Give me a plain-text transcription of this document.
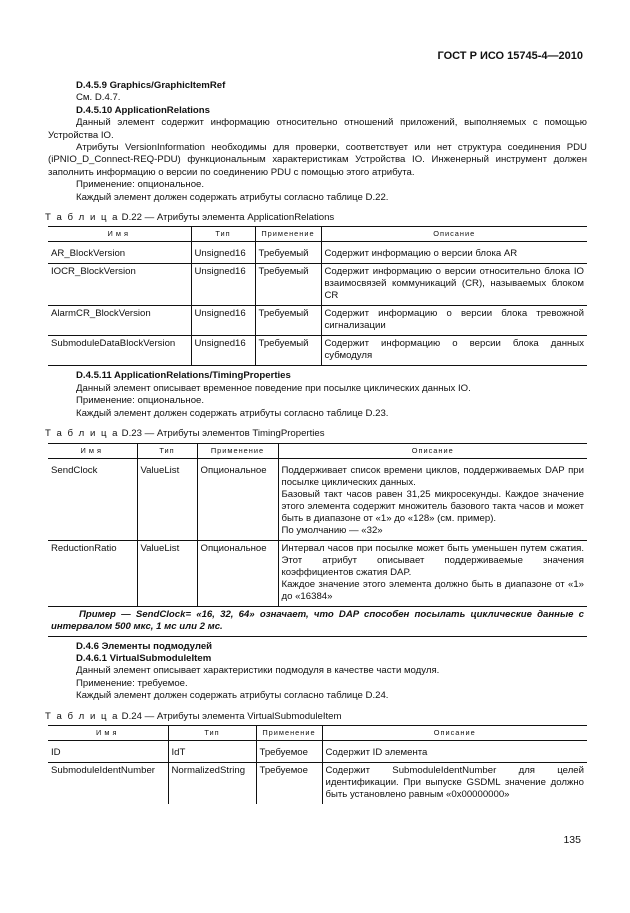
ГОСТ Р ИСО 15745-4—2010
D.4.5.9 Graphics/GraphicItemRef

См. D.4.7.

D.4.5.10 ApplicationRelations

Данный элемент содержит информацию относительно отношений приложений, выполняемых с помощью Устройства IO.

Атрибуты VersionInformation необходимы для проверки, соответствует или нет структура соединения PDU (iPNIO_D_Connect-REQ-PDU) функциональным характеристикам Устройства IO. Инженерный инструмент должен заполнить информацию о версии по соединению PDU с помощью этого атрибута.

Применение: опциональное.

Каждый элемент должен содержать атрибуты согласно таблице D.22.

Т а б л и ц а D.22 — Атрибуты элемента ApplicationRelations
Имя	Тип	Применение	Описание

AR_BlockVersion	Unsigned16	Требуемый	Содержит информацию о версии блока AR
IOCR_BlockVersion	Unsigned16	Требуемый	Содержит информацию о версии относительно блока IO взаимосвязей коммуникаций (CR), называемых блоком CR
AlarmCR_BlockVersion	Unsigned16	Требуемый	Содержит информацию о версии блока тревожной сигнализации
SubmoduleDataBlockVersion	Unsigned16	Требуемый	Содержит информацию о версии блока данных субмодуля
D.4.5.11 ApplicationRelations/TimingProperties

Данный элемент описывает временное поведение при посылке циклических данных IO.

Применение: опциональное.

Каждый элемент должен содержать атрибуты согласно таблице D.23.

Т а б л и ц а D.23 — Атрибуты элементов TimingProperties
Имя	Тип	Применение	Описание

SendClock	ValueList	Опциональное	Поддерживает список времени циклов, поддерживаемых DAP при посылке циклических данных.
Базовый такт часов равен 31,25 микросекунды. Каждое значение этого элемента содержит множитель базового такта часов и может быть в диапазоне от «1» до «128» (см. пример).
По умолчанию — «32»
ReductionRatio	ValueList	Опциональное	Интервал часов при посылке может быть уменьшен путем сжатия. Этот атрибут описывает поддерживаемые значения коэффициентов сжатия DAP.
Каждое значение этого элемента должно быть в диапазоне от «1» до «16384»
Пример — SendClock= «16, 32, 64» означает, что DAP способен посылать циклические данные с интервалом 500 мкс, 1 мс или 2 мс.			
D.4.6 Элементы подмодулей
D.4.6.1 VirtualSubmoduleItem

Данный элемент описывает характеристики подмодуля в качестве части модуля.

Применение: требуемое.

Каждый элемент должен содержать атрибуты согласно таблице D.24.

Т а б л и ц а D.24 — Атрибуты элемента VirtualSubmoduleItem
Имя	Тип	Применение	Описание

ID	IdT	Требуемое	Содержит ID элемента
SubmoduleIdentNumber	NormalizedString	Требуемое	Содержит SubmoduleIdentNumber для целей идентификации. При выпуске GSDML значение должно быть установлено равным «0x00000000»
135
